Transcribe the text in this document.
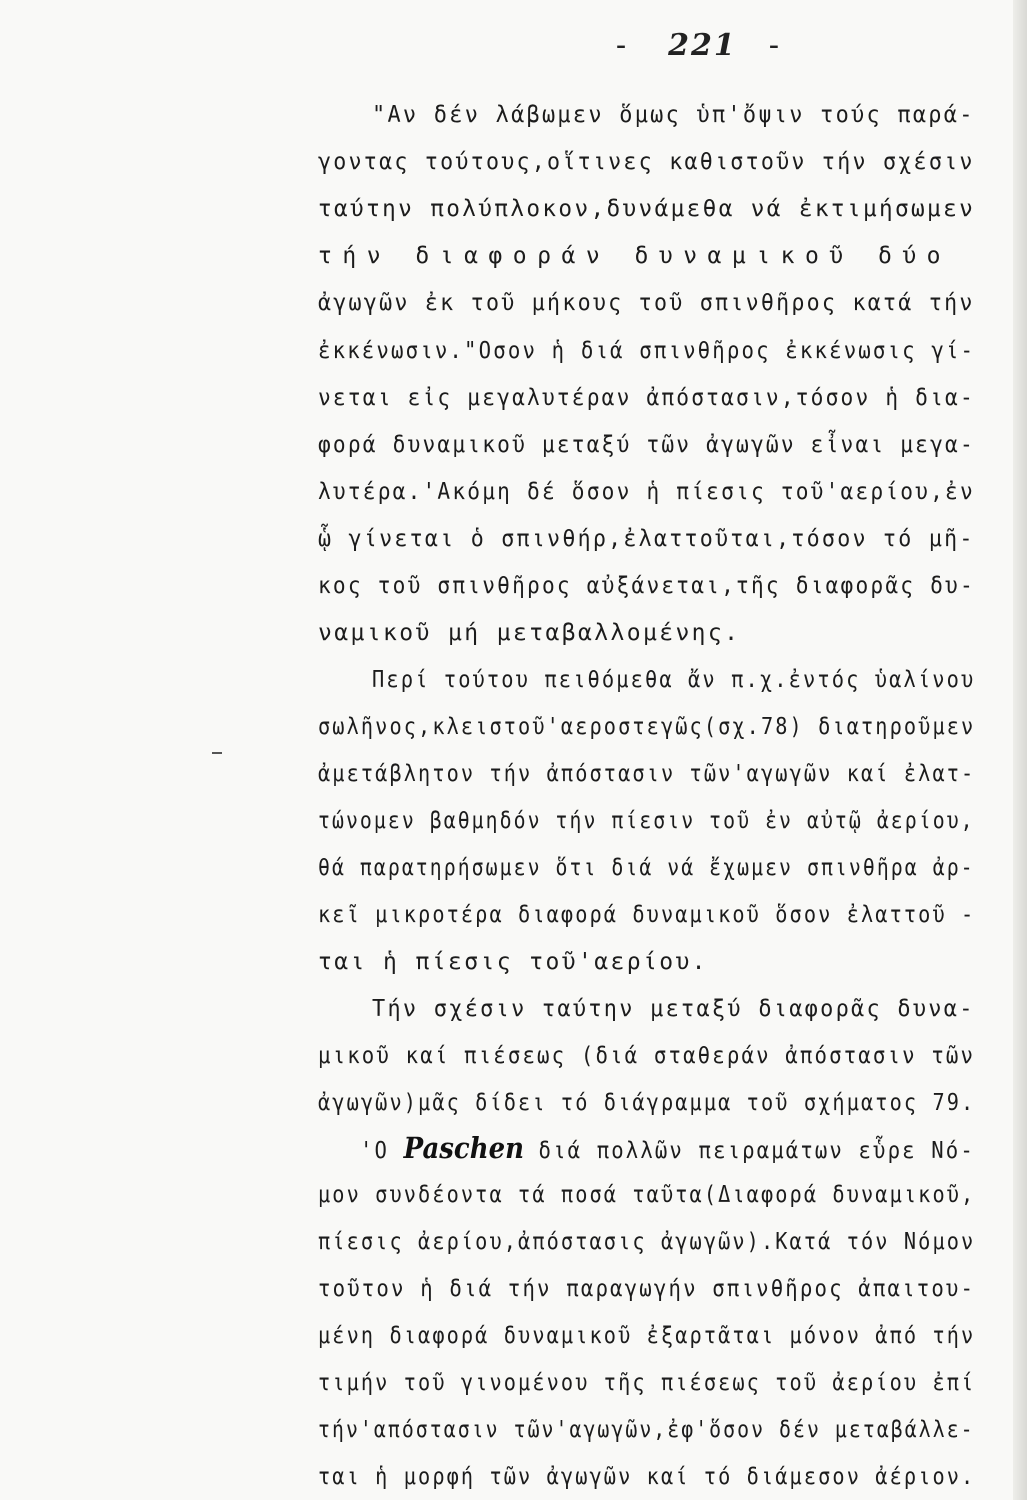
- 221 -
"Αν δέν λάβωμεν ὅμως ὑπ'ὄψιν τούς παρά-
γοντας τούτους,οἵτινες καθιστοῦν τήν σχέσιν
ταύτην πολύπλοκον,δυνάμεθα νά ἐκτιμήσωμεν
τήν διαφοράν δυναμικοῦ δύο
ἀγωγῶν ἐκ τοῦ μήκους τοῦ σπινθῆρος κατά τήν
ἐκκένωσιν."Οσον ἡ διά σπινθῆρος ἐκκένωσις γί-
νεται εἰς μεγαλυτέραν ἀπόστασιν,τόσον ἡ δια-
φορά δυναμικοῦ μεταξύ τῶν ἀγωγῶν εἶναι μεγα-
λυτέρα.'Ακόμη δέ ὅσον ἡ πίεσις τοῦ'αερίου,ἐν
ᾧ γίνεται ὁ σπινθήρ,ἐλαττοῦται,τόσον τό μῆ-
κος τοῦ σπινθῆρος αὐξάνεται,τῆς διαφορᾶς δυ-
ναμικοῦ μή μεταβαλλομένης.
Περί τούτου πειθόμεθα ἄν π.χ.ἐντός ὑαλίνου
σωλῆνος,κλειστοῦ'αεροστεγῶς(σχ.78) διατηροῦμεν
ἀμετάβλητον τήν ἀπόστασιν τῶν'αγωγῶν καί ἐλατ-
τώνομεν βαθμηδόν τήν πίεσιν τοῦ ἐν αὐτῷ ἀερίου,
θά παρατηρήσωμεν ὅτι διά νά ἔχωμεν σπινθῆρα ἀρ-
κεῖ μικροτέρα διαφορά δυναμικοῦ ὅσον ἐλαττοῦ -
ται ἡ πίεσις τοῦ'αερίου.
Τήν σχέσιν ταύτην μεταξύ διαφορᾶς δυνα-
μικοῦ καί πιέσεως (διά σταθεράν ἀπόστασιν τῶν
ἀγωγῶν)μᾶς δίδει τό διάγραμμα τοῦ σχήματος 79.
'Ο Paschen διά πολλῶν πειραμάτων εὗρε Νό-
μον συνδέοντα τά ποσά ταῦτα(Διαφορά δυναμικοῦ,
πίεσις ἀερίου,ἀπόστασις ἀγωγῶν).Κατά τόν Νόμον
τοῦτον ἡ διά τήν παραγωγήν σπινθῆρος ἀπαιτου-
μένη διαφορά δυναμικοῦ ἐξαρτᾶται μόνον ἀπό τήν
τιμήν τοῦ γινομένου τῆς πιέσεως τοῦ ἀερίου ἐπί
τήν'απόστασιν τῶν'αγωγῶν,ἐφ'ὅσον δέν μεταβάλλε-
ται ἡ μορφή τῶν ἀγωγῶν καί τό διάμεσον ἀέριον.
